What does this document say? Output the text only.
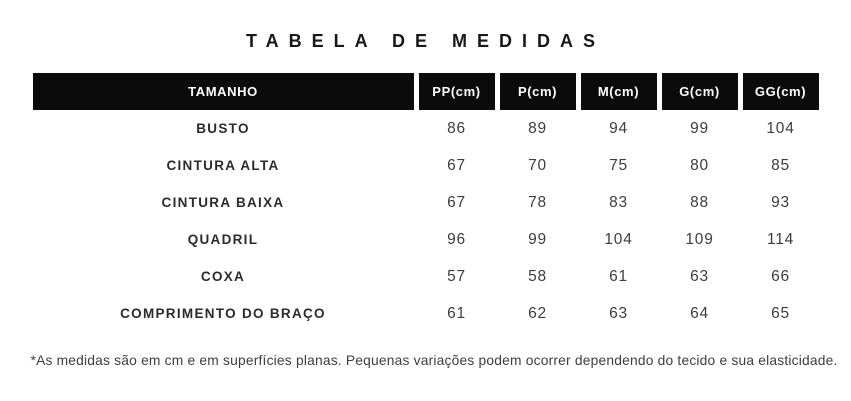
TABELA DE MEDIDAS
TAMANHO	PP(cm)	P(cm)	M(cm)	G(cm)	GG(cm)
BUSTO	86	89	94	99	104
CINTURA ALTA	67	70	75	80	85
CINTURA BAIXA	67	78	83	88	93
QUADRIL	96	99	104	109	114
COXA	57	58	61	63	66
COMPRIMENTO DO BRAÇO	61	62	63	64	65
*As medidas são em cm e em superfícies planas. Pequenas variações podem ocorrer dependendo do tecido e sua elasticidade.
